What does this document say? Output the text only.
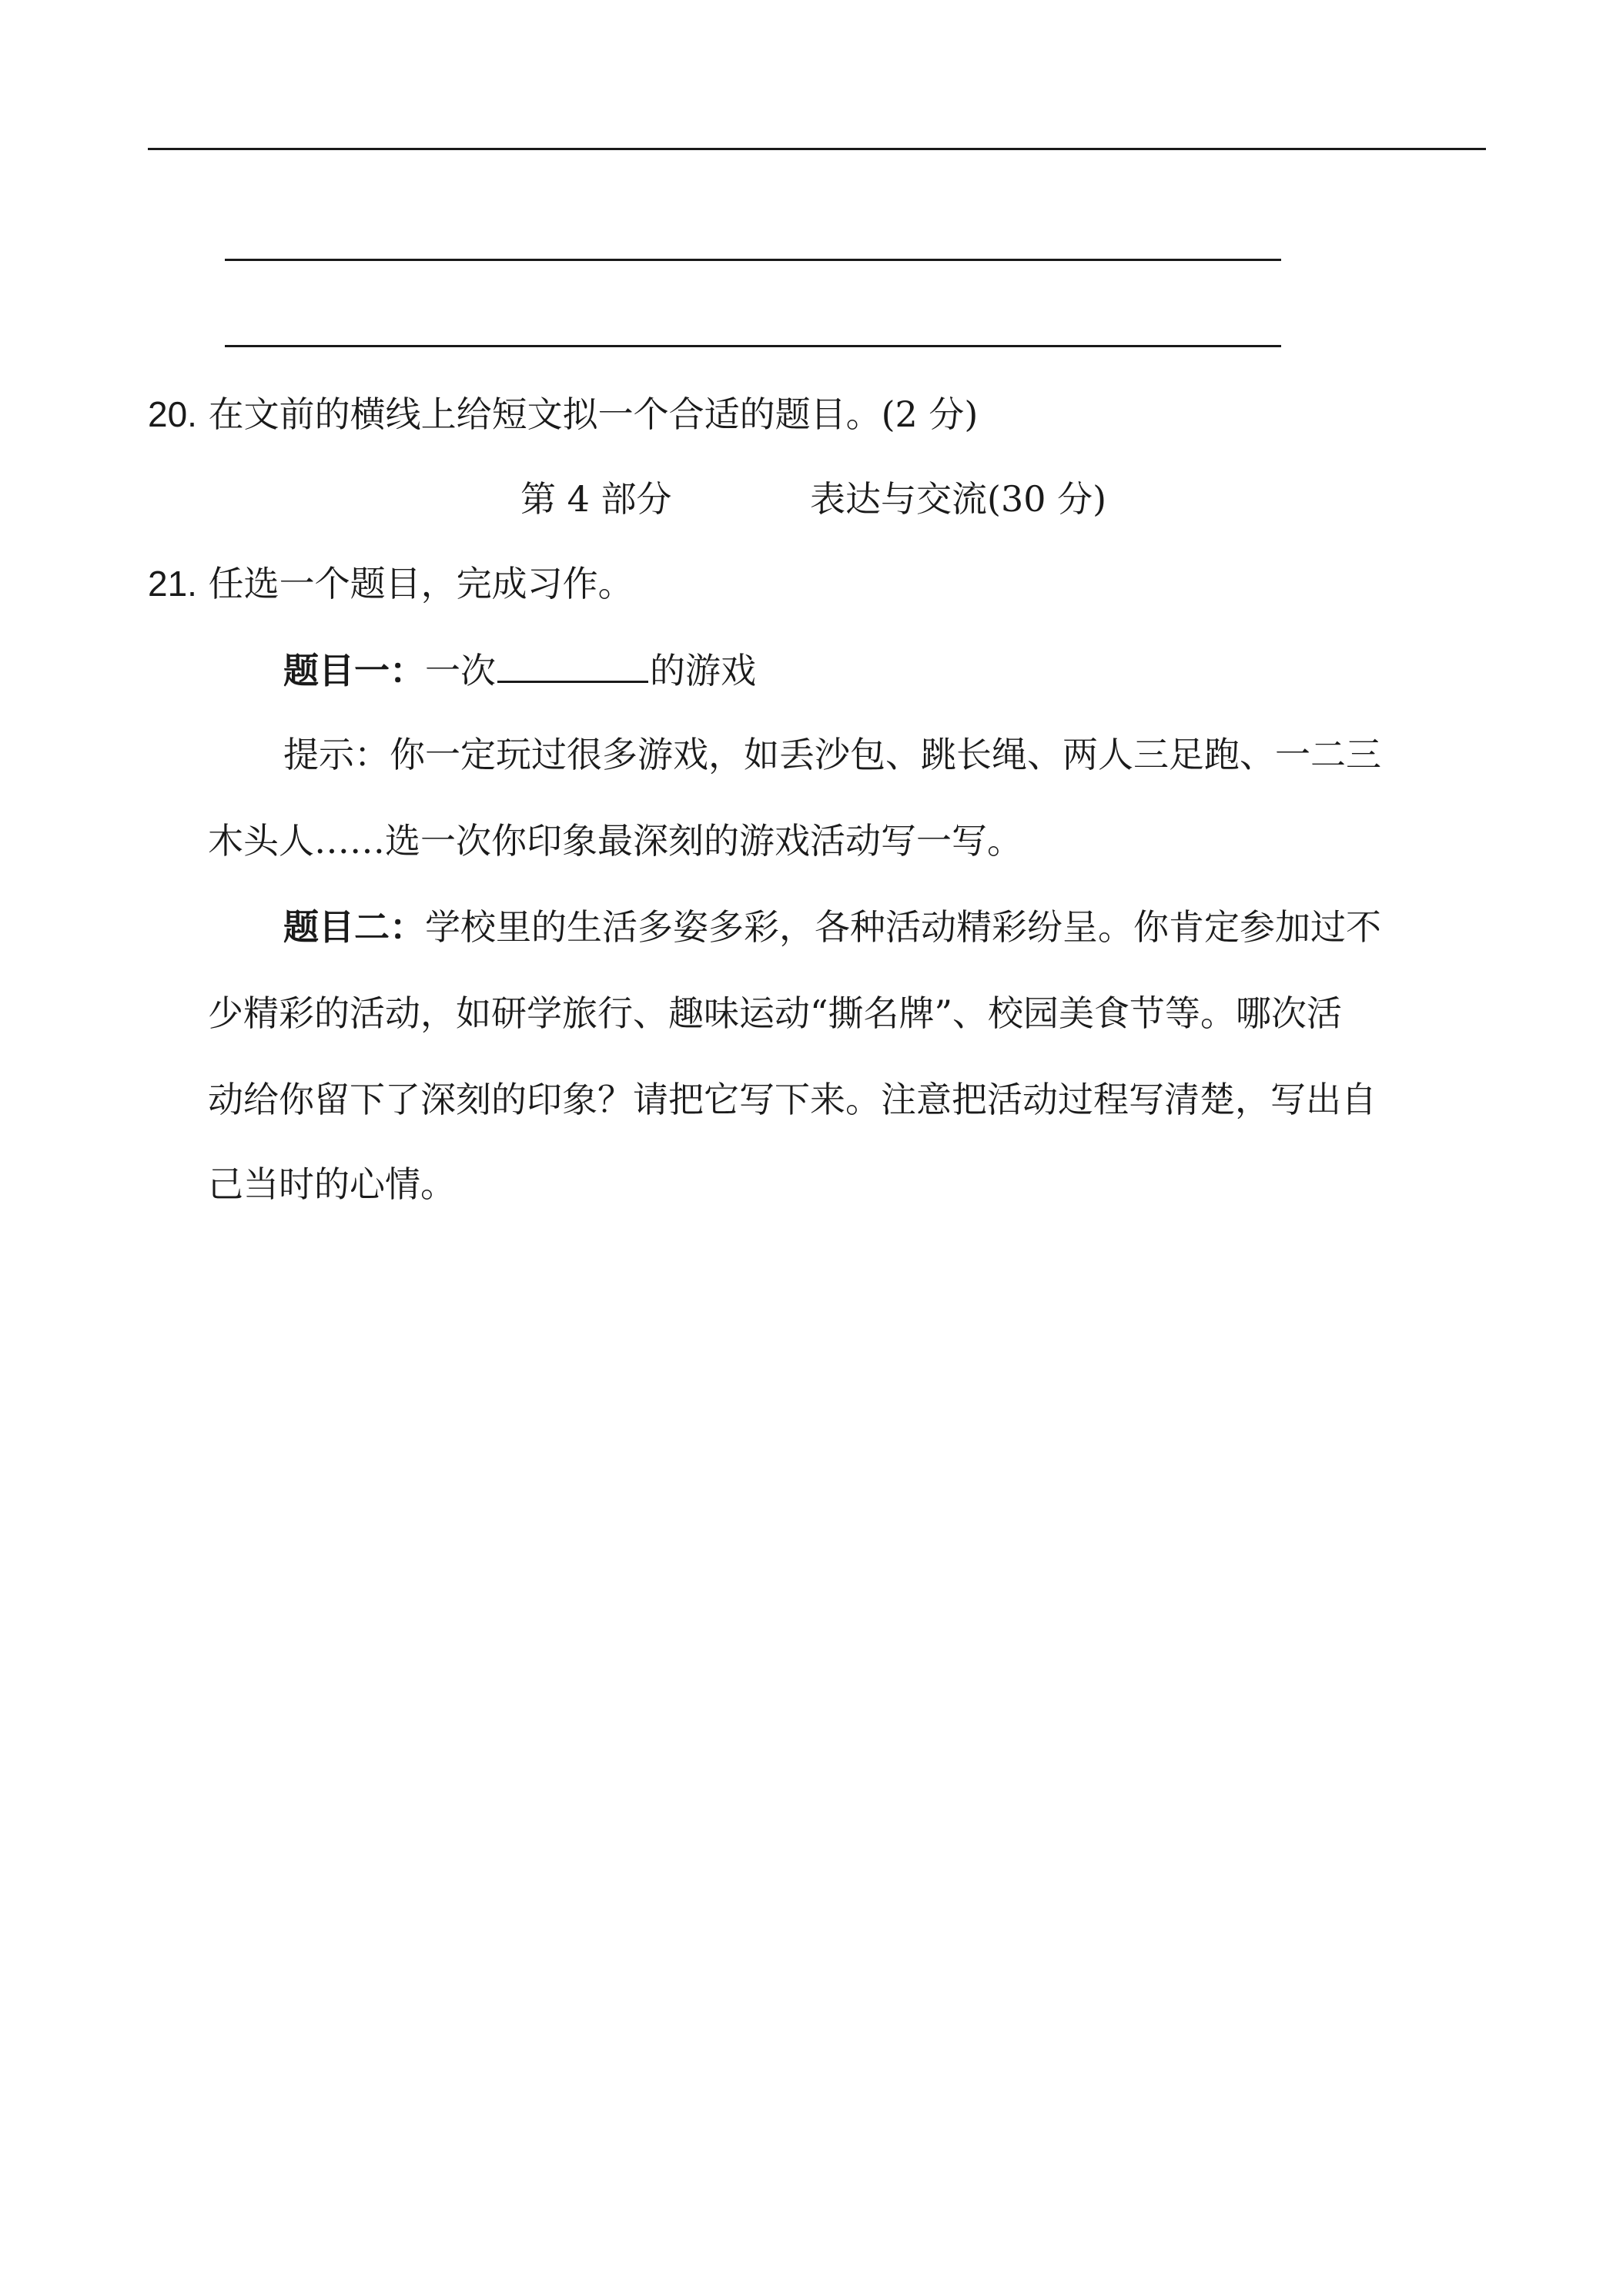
20. 在文前的横线上给短文拟一个合适的题目。(2 分)
第 4 部分	表达与交流(30 分)
21. 任选一个题目，完成习作。
题目一：一次	的游戏
提示：你一定玩过很多游戏，如丢沙包、跳长绳、两人三足跑、一二三
木头人……选一次你印象最深刻的游戏活动写一写。
题目二：学校里的生活多姿多彩，各种活动精彩纷呈。你肯定参加过不
少精彩的活动，如研学旅行、趣味运动“撕名牌”、校园美食节等。哪次活
动给你留下了深刻的印象？请把它写下来。注意把活动过程写清楚，写出自
己当时的心情。
